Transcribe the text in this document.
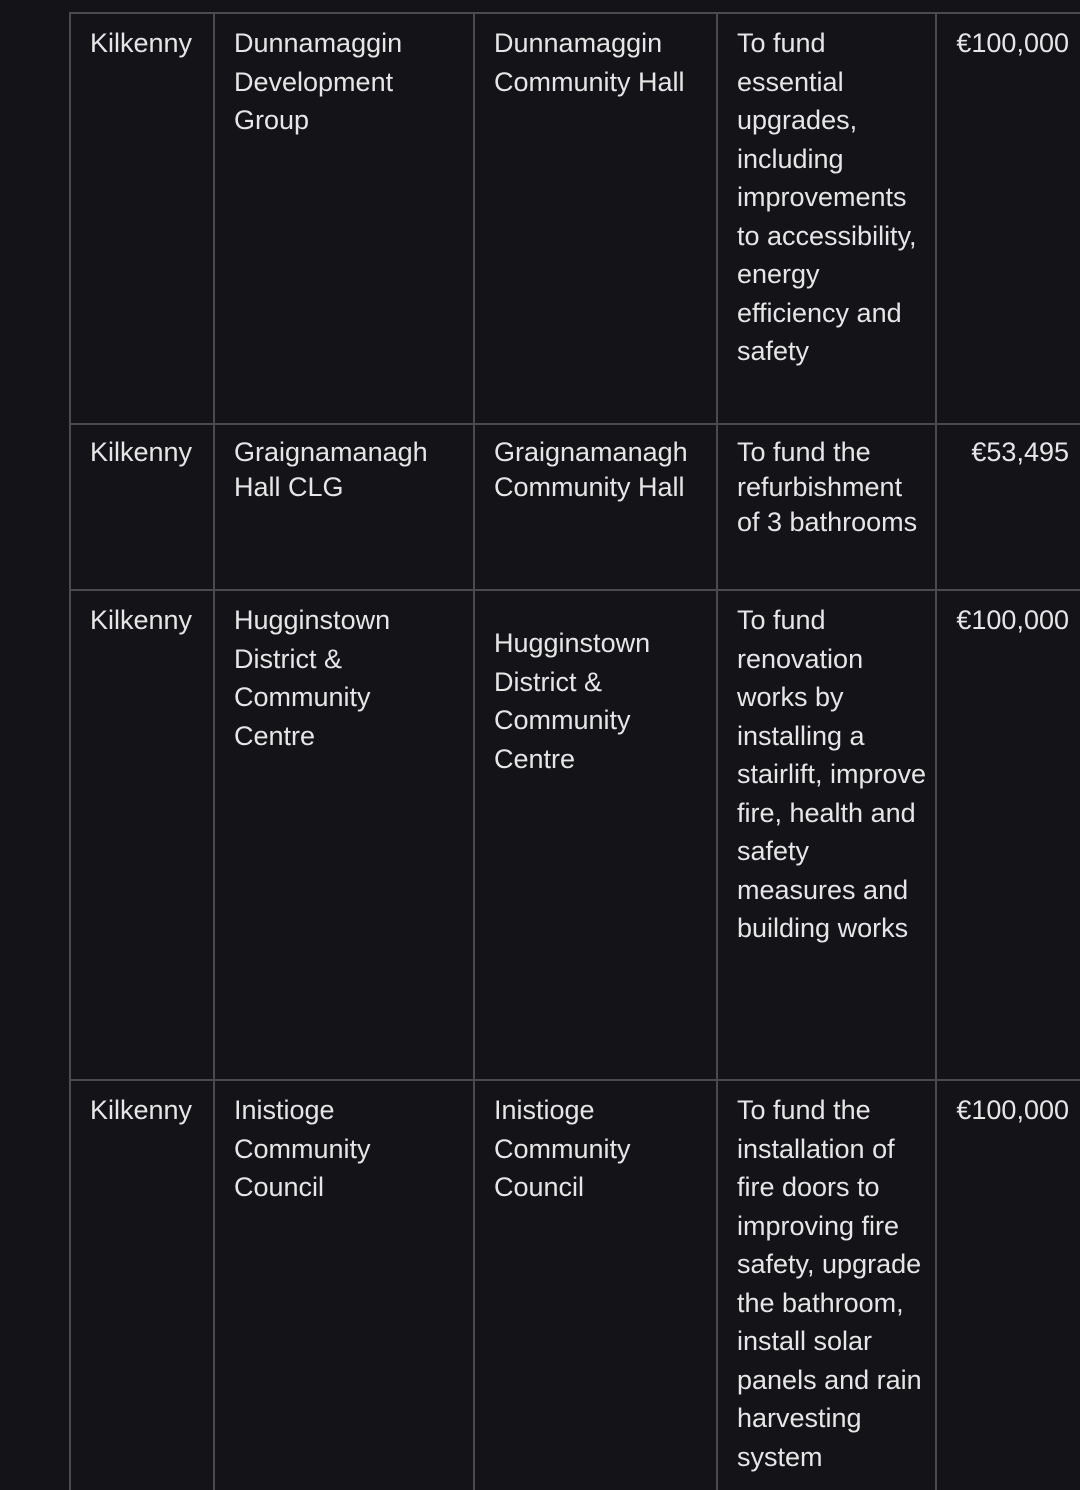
Kilkenny	Dunnamaggin Development Group	Dunnamaggin Community Hall	To fund essential upgrades, including improvements to accessibility, energy efficiency and safety	€100,000
Kilkenny	Graignamanagh Hall CLG	Graignamanagh Community Hall	To fund the refurbishment of 3 bathrooms	€53,495
Kilkenny	Hugginstown District & Community Centre	Hugginstown District & Community Centre	To fund renovation works by installing a stairlift, improve fire, health and safety measures and building works	€100,000
Kilkenny	Inistioge Community Council	Inistioge Community Council	To fund the installation of fire doors to improving fire safety, upgrade the bathroom, install solar panels and rain harvesting system	€100,000
